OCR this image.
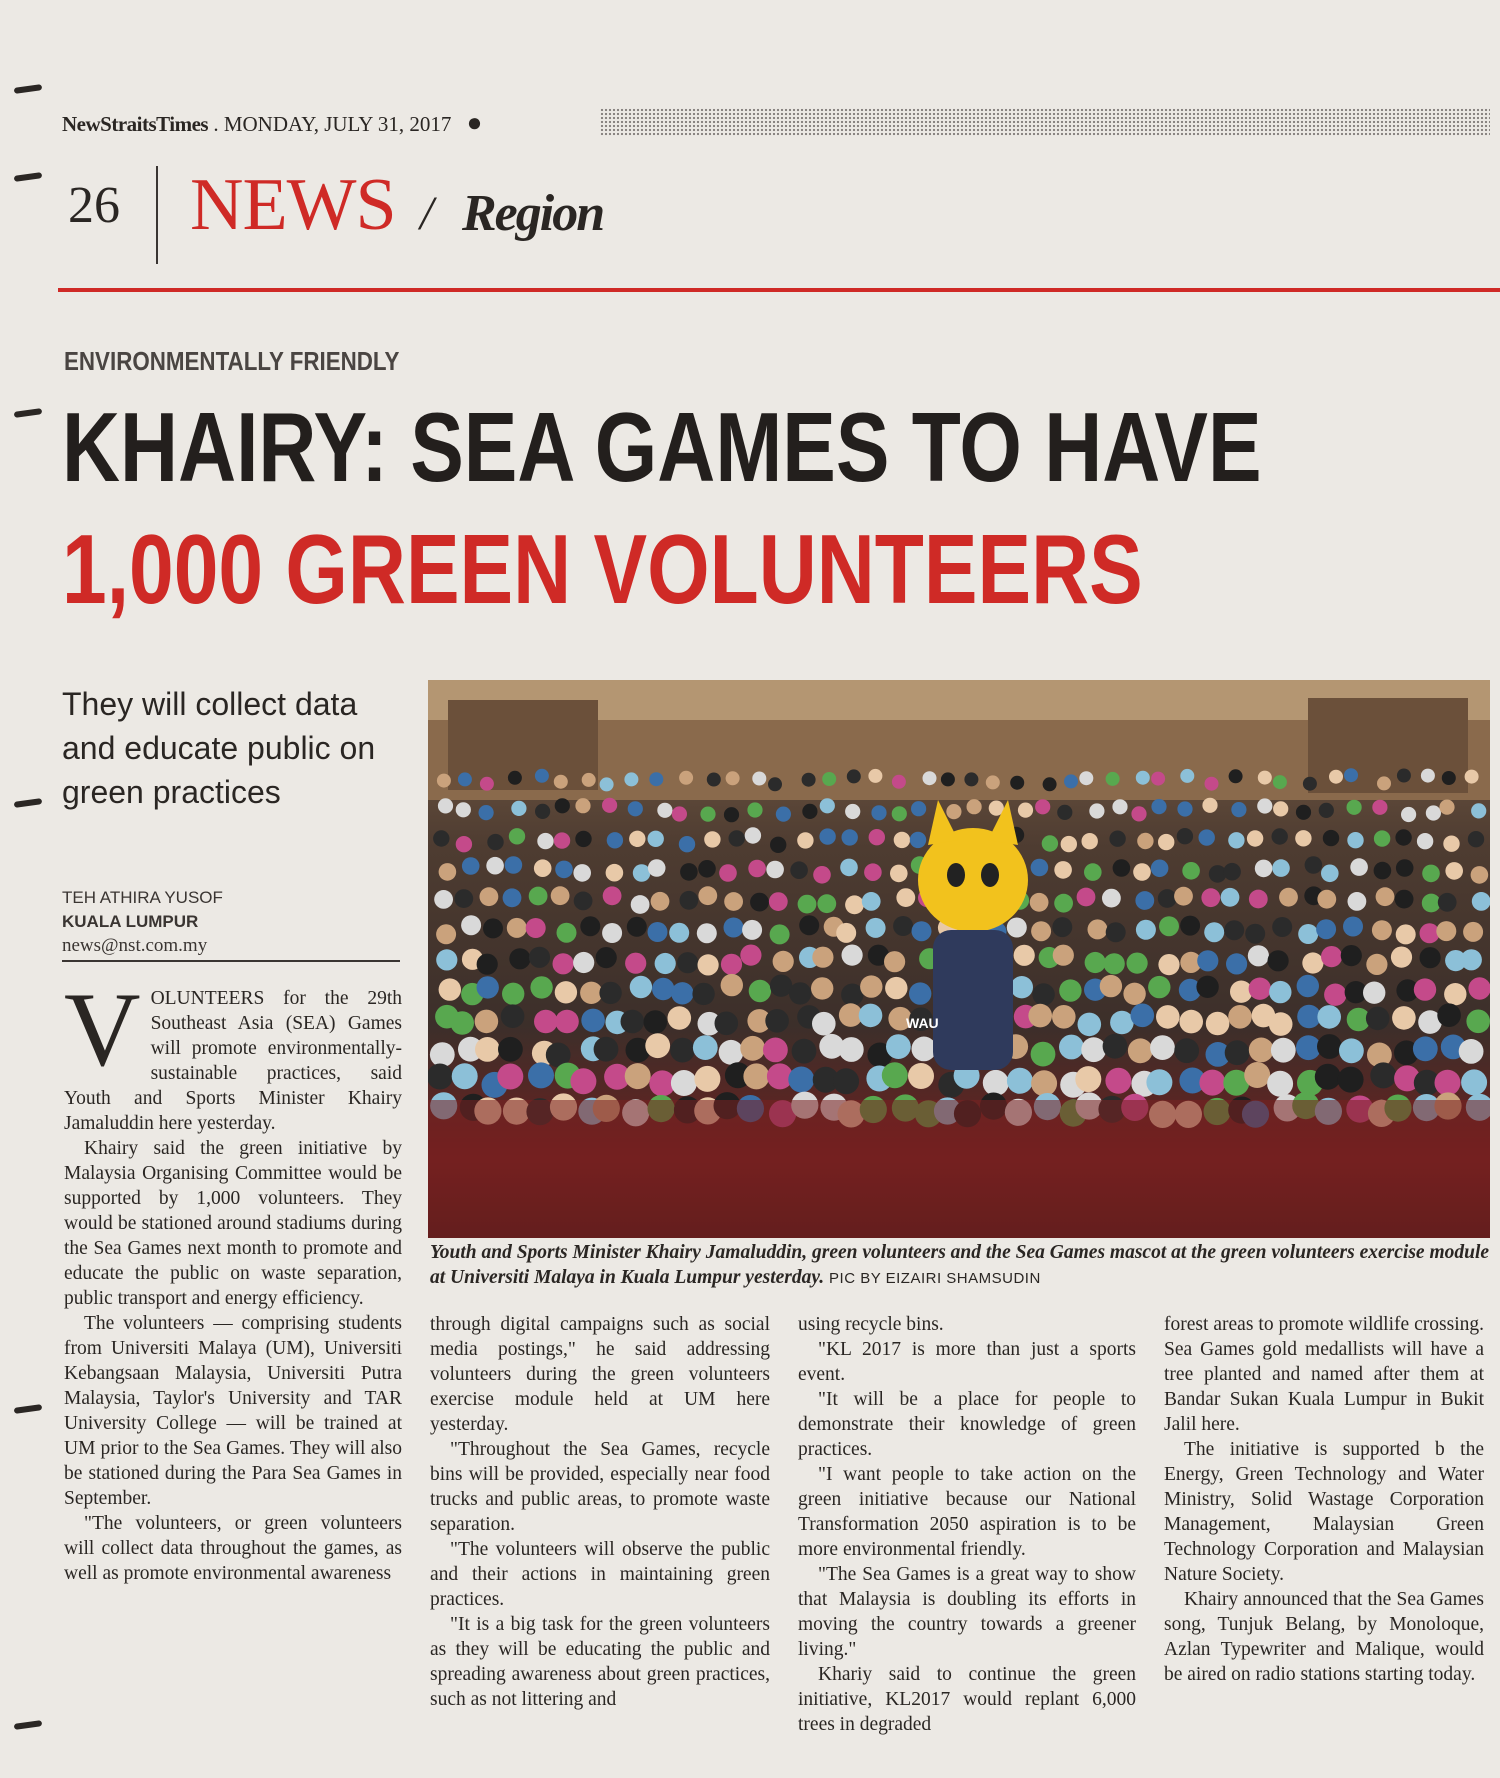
NewStraitsTimes . MONDAY, JULY 31, 2017 ●
26 NEWS / Region
ENVIRONMENTALLY FRIENDLY
KHAIRY: SEA GAMES TO HAVE
1,000 GREEN VOLUNTEERS
They will collect data and educate public on green practices
TEH ATHIRA YUSOF
KUALA LUMPUR
news@nst.com.my
WAU
Youth and Sports Minister Khairy Jamaluddin, green volunteers and the Sea Games mascot at the green volunteers exercise module at Universiti Malaya in Kuala Lumpur yesterday. PIC BY EIZAIRI SHAMSUDIN
V OLUNTEERS for the 29th Southeast Asia (SEA) Games will promote environmentally-sustainable practices, said Youth and Sports Minister Khairy Jamaluddin here yesterday.

Khairy said the green initiative by Malaysia Organising Committee would be supported by 1,000 volunteers. They would be stationed around stadiums during the Sea Games next month to promote and educate the public on waste separation, public transport and energy efficiency.

The volunteers — comprising students from Universiti Malaya (UM), Universiti Kebangsaan Malaysia, Universiti Putra Malaysia, Taylor's University and TAR University College — will be trained at UM prior to the Sea Games. They will also be stationed during the Para Sea Games in September.

"The volunteers, or green volunteers will collect data throughout the games, as well as promote environmental awareness

through digital campaigns such as social media postings," he said addressing volunteers during the green volunteers exercise module held at UM here yesterday.

"Throughout the Sea Games, recycle bins will be provided, especially near food trucks and public areas, to promote waste separation.

"The volunteers will observe the public and their actions in maintaining green practices.

"It is a big task for the green volunteers as they will be educating the public and spreading awareness about green practices, such as not littering and

using recycle bins.

"KL 2017 is more than just a sports event.

"It will be a place for people to demonstrate their knowledge of green practices.

"I want people to take action on the green initiative because our National Transformation 2050 aspiration is to be more environmental friendly.

"The Sea Games is a great way to show that Malaysia is doubling its efforts in moving the country towards a greener living."

Khariy said to continue the green initiative, KL2017 would replant 6,000 trees in degraded

forest areas to promote wildlife crossing. Sea Games gold medallists will have a tree planted and named after them at Bandar Sukan Kuala Lumpur in Bukit Jalil here.

The initiative is supported b the Energy, Green Technology and Water Ministry, Solid Wastage Corporation Management, Malaysian Green Technology Corporation and Malaysian Nature Society.

Khairy announced that the Sea Games song, Tunjuk Belang, by Monoloque, Azlan Typewriter and Malique, would be aired on radio stations starting today.
